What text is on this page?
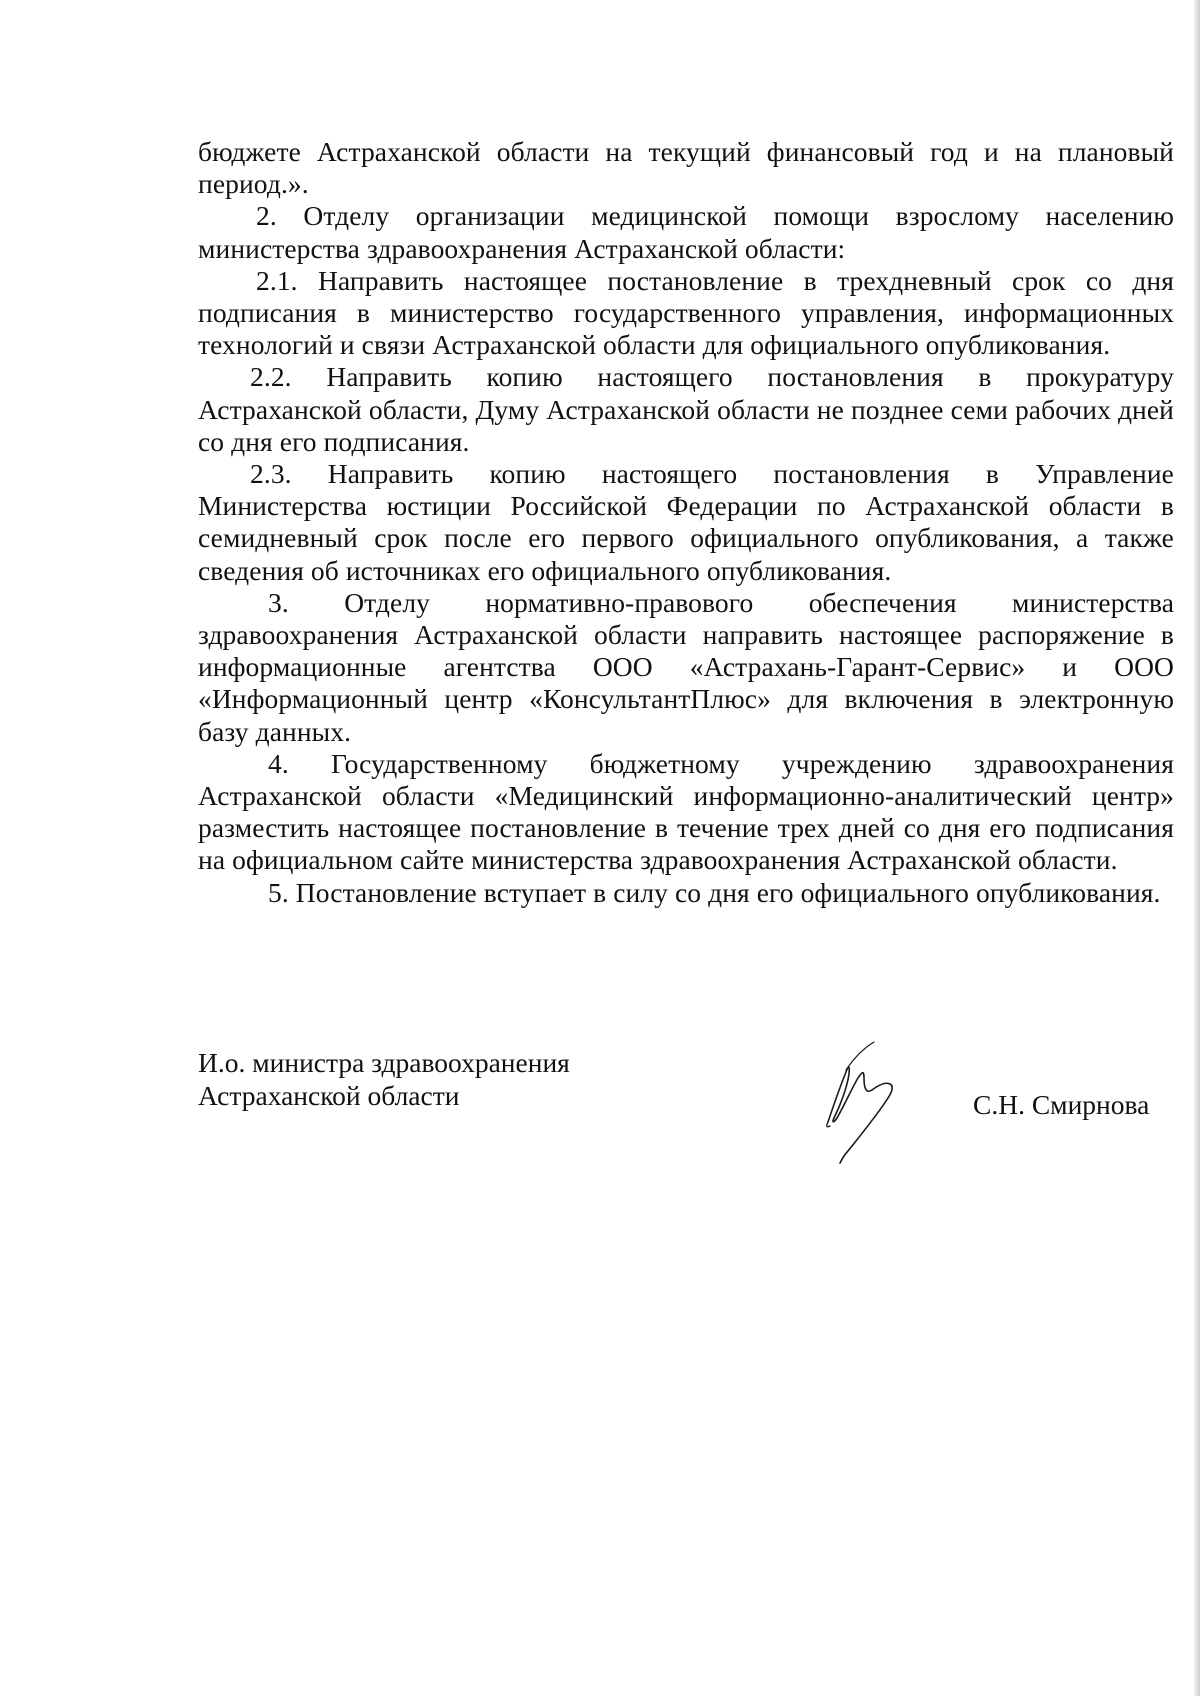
бюджете Астраханской области на текущий финансовый год и на плановый период.».

2. Отделу организации медицинской помощи взрослому населению министерства здравоохранения Астраханской области:

2.1. Направить настоящее постановление в трехдневный срок со дня подписания в министерство государственного управления, информационных технологий и связи Астраханской области для официального опубликования.

2.2. Направить копию настоящего постановления в прокуратуру Астраханской области, Думу Астраханской области не позднее семи рабочих дней со дня его подписания.

2.3. Направить копию настоящего постановления в Управление Министерства юстиции Российской Федерации по Астраханской области в семидневный срок после его первого официального опубликования, а также сведения об источниках его официального опубликования.

3. Отделу нормативно-правового обеспечения министерства здравоохранения Астраханской области направить настоящее распоряжение в информационные агентства ООО «Астрахань-Гарант-Сервис» и ООО «Информационный центр «КонсультантПлюс» для включения в электронную базу данных.

4. Государственному бюджетному учреждению здравоохранения Астраханской области «Медицинский информационно-аналитический центр» разместить настоящее постановление в течение трех дней со дня его подписания на официальном сайте министерства здравоохранения Астраханской области.

5. Постановление вступает в силу со дня его официального опубликования.

И.о. министра здравоохранения
Астраханской области	С.Н. Смирнова
